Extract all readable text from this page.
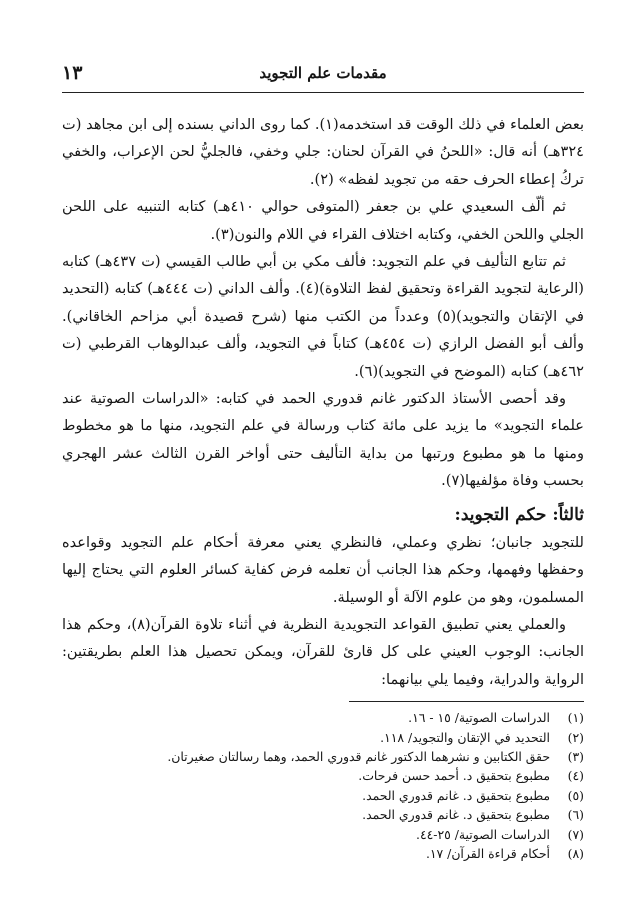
مقدمات علم التجويد
١٣

بعض العلماء في ذلك الوقت قد استخدمه(١). كما روى الداني بسنده إلى ابن مجاهد (ت ٣٢٤هـ) أنه قال: «اللحنُ في القرآن لحنان: جلي وخفي، فالجليُّ لحن الإعراب، والخفي تركُ إعطاء الحرف حقه من تجويد لفظه» (٢).

ثم ألّف السعيدي علي بن جعفر (المتوفى حوالي ٤١٠هـ) كتابه التنبيه على اللحن الجلي واللحن الخفي، وكتابه اختلاف القراء في اللام والنون(٣).

ثم تتابع التأليف في علم التجويد: فألف مكي بن أبي طالب القيسي (ت ٤٣٧هـ) كتابه (الرعاية لتجويد القراءة وتحقيق لفظ التلاوة)(٤). وألف الداني (ت ٤٤٤هـ) كتابه (التحديد في الإتقان والتجويد)(٥) وعدداً من الكتب منها (شرح قصيدة أبي مزاحم الخاقاني). وألف أبو الفضل الرازي (ت ٤٥٤هـ) كتاباً في التجويد، وألف عبدالوهاب القرطبي (ت ٤٦٢هـ) كتابه (الموضح في التجويد)(٦).

وقد أحصى الأستاذ الدكتور غانم قدوري الحمد في كتابه: «الدراسات الصوتية عند علماء التجويد» ما يزيد على مائة كتاب ورسالة في علم التجويد، منها ما هو مخطوط ومنها ما هو مطبوع ورتبها من بداية التأليف حتى أواخر القرن الثالث عشر الهجري بحسب وفاة مؤلفيها(٧).

ثالثاً: حكم التجويد:

للتجويد جانبان؛ نظري وعملي، فالنظري يعني معرفة أحكام علم التجويد وقواعده وحفظها وفهمها، وحكم هذا الجانب أن تعلمه فرض كفاية كسائر العلوم التي يحتاج إليها المسلمون، وهو من علوم الآلة أو الوسيلة.

والعملي يعني تطبيق القواعد التجويدية النظرية في أثناء تلاوة القرآن(٨)، وحكم هذا الجانب: الوجوب العيني على كل قارئ للقرآن، ويمكن تحصيل هذا العلم بطريقتين: الرواية والدراية، وفيما يلي بيانهما:

(١)
الدراسات الصوتية/ ١٥ - ١٦.
(٢)
التحديد في الإتقان والتجويد/ ١١٨.
(٣)
حقق الكتابين و نشرهما الدكتور غانم قدوري الحمد، وهما رسالتان صغيرتان.
(٤)
مطبوع بتحقيق د. أحمد حسن فرحات.
(٥)
مطبوع بتحقيق د. غانم قدوري الحمد.
(٦)
مطبوع بتحقيق د. غانم قدوري الحمد.
(٧)
الدراسات الصوتية/ ٢٥-٤٤.
(٨)
أحكام قراءة القرآن/ ١٧.
